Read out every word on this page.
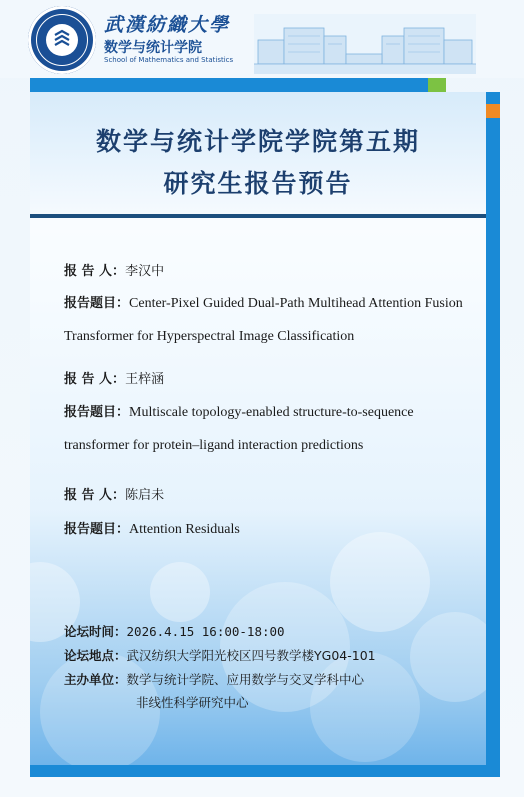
武漢紡織大學
数学与统计学院
School of Mathematics and Statistics
数学与统计学院学院第五期
研究生报告预告
报 告 人：李汉中
报告题目：Center-Pixel Guided Dual-Path Multihead Attention Fusion Transformer for Hyperspectral Image Classification
报 告 人：王梓涵
报告题目：Multiscale topology-enabled structure-to-sequence transformer for protein–ligand interaction predictions
报 告 人：陈启未
报告题目：Attention Residuals
论坛时间：2026.4.15 16:00-18:00
论坛地点：武汉纺织大学阳光校区四号教学楼YG04-101
主办单位：数学与统计学院、应用数学与交叉学科中心
非线性科学研究中心
